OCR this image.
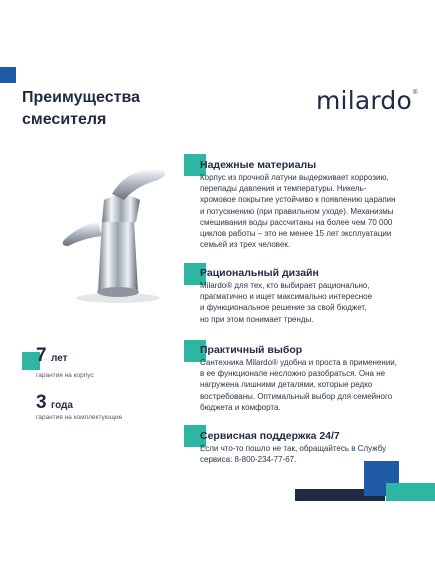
Преимущества
смесителя
milardo ®
7 лет
гарантия на корпус
3 года
гарантия на комплектующие
Надежные материалы
Корпус из прочной латуни выдерживает коррозию,
перепады давления и температуры. Никель-
хромовое покрытие устойчиво к появлению царапин
и потускнению (при правильном уходе). Механизмы
смешивания воды рассчитаны на более чем 70 000
циклов работы – это не менее 15 лет эксплуатации
семьей из трех человек.
Рациональный дизайн
Milardo® для тех, кто выбирает рационально,
прагматично и ищет максимально интересное
и функциональное решение за свой бюджет,
но при этом понимает тренды.
Практичный выбор
Сантехника Milardo® удобна и проста в применении,
в ее функционале несложно разобраться. Она не
нагружена лишними деталями, которые редко
востребованы. Оптимальный выбор для семейного
бюджета и комфорта.
Сервисная поддержка 24/7
Если что-то пошло не так, обращайтесь в Службу
сервиса: 8-800-234-77-67.
